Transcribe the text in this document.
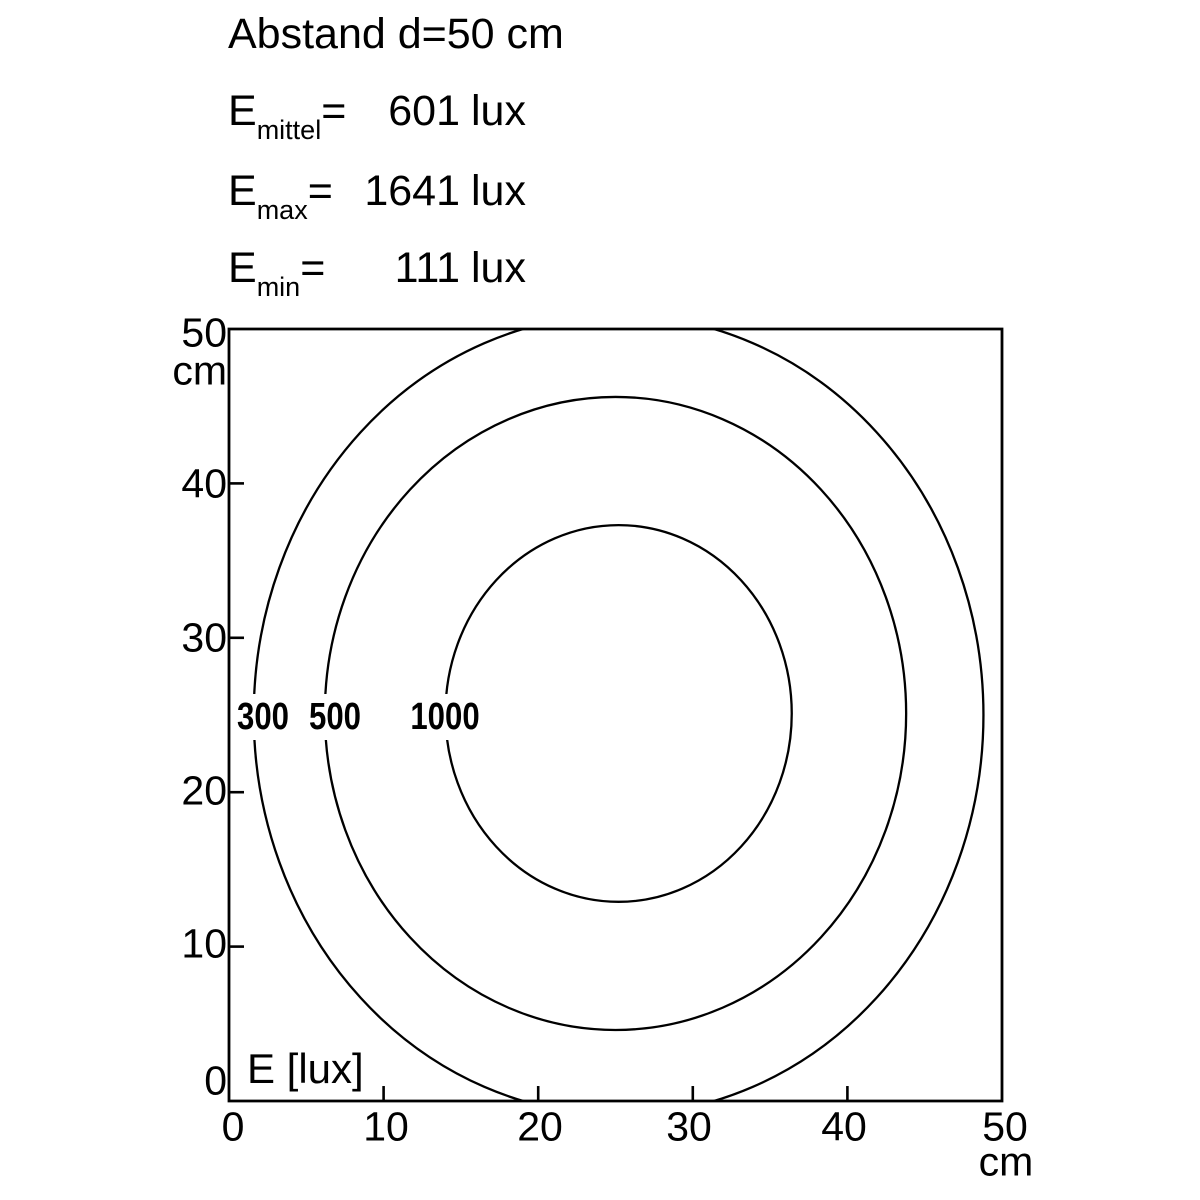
Abstand d=50 cm
Emittel= 601 lux
Emax= 1641 lux
Emin=	111 lux
300 500 1000
E [lux]
50
cm
40
30
20
10
0
0	10	20	30	40	50
cm
